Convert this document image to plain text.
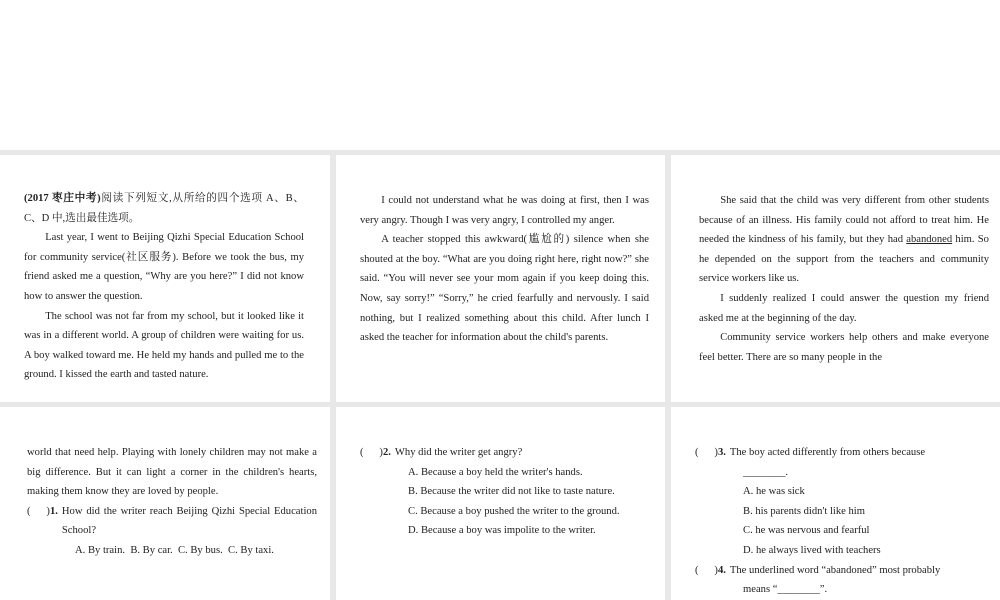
(2017 枣庄中考)阅读下列短文,从所给的四个选项 A、B、C、D 中,选出最佳选项。

Last year, I went to Beijing Qizhi Special Education School for community service(社区服务). Before we took the bus, my friend asked me a question, “Why are you here?” I did not know how to answer the question.

The school was not far from my school, but it looked like it was in a different world. A group of children were waiting for us. A boy walked toward me. He held my hands and pulled me to the ground. I kissed the earth and tasted nature.

I could not understand what he was doing at first, then I was very angry. Though I was very angry, I controlled my anger.

A teacher stopped this awkward(尴尬的) silence when she shouted at the boy. “What are you doing right here, right now?” she said. “You will never see your mom again if you keep doing this. Now, say sorry!” “Sorry,” he cried fearfully and nervously. I said nothing, but I realized something about this child. After lunch I asked the teacher for information about the child's parents.

She said that the child was very different from other students because of an illness. His family could not afford to treat him. He needed the kindness of his family, but they had abandoned him. So he depended on the support from the teachers and community service workers like us.

I suddenly realized I could answer the question my friend asked me at the beginning of the day.

Community service workers help others and make everyone feel better. There are so many people in the

world that need help. Playing with lonely children may not make a big difference. But it can light a corner in the children's hearts, making them know they are loved by people.

(      ) 1. How did the writer reach Beijing Qizhi Special Education School?

A. By train.  B. By car.  C. By bus.  C. By taxi.

(      ) 2. Why did the writer get angry?

A. Because a boy held the writer's hands.

B. Because the writer did not like to taste nature.

C. Because a boy pushed the writer to the ground.

D. Because a boy was impolite to the writer.

(      ) 3. The boy acted differently from others because

________.

A. he was sick

B. his parents didn't like him

C. he was nervous and fearful

D. he always lived with teachers

(      ) 4. The underlined word “abandoned” most probably

means “________”.
